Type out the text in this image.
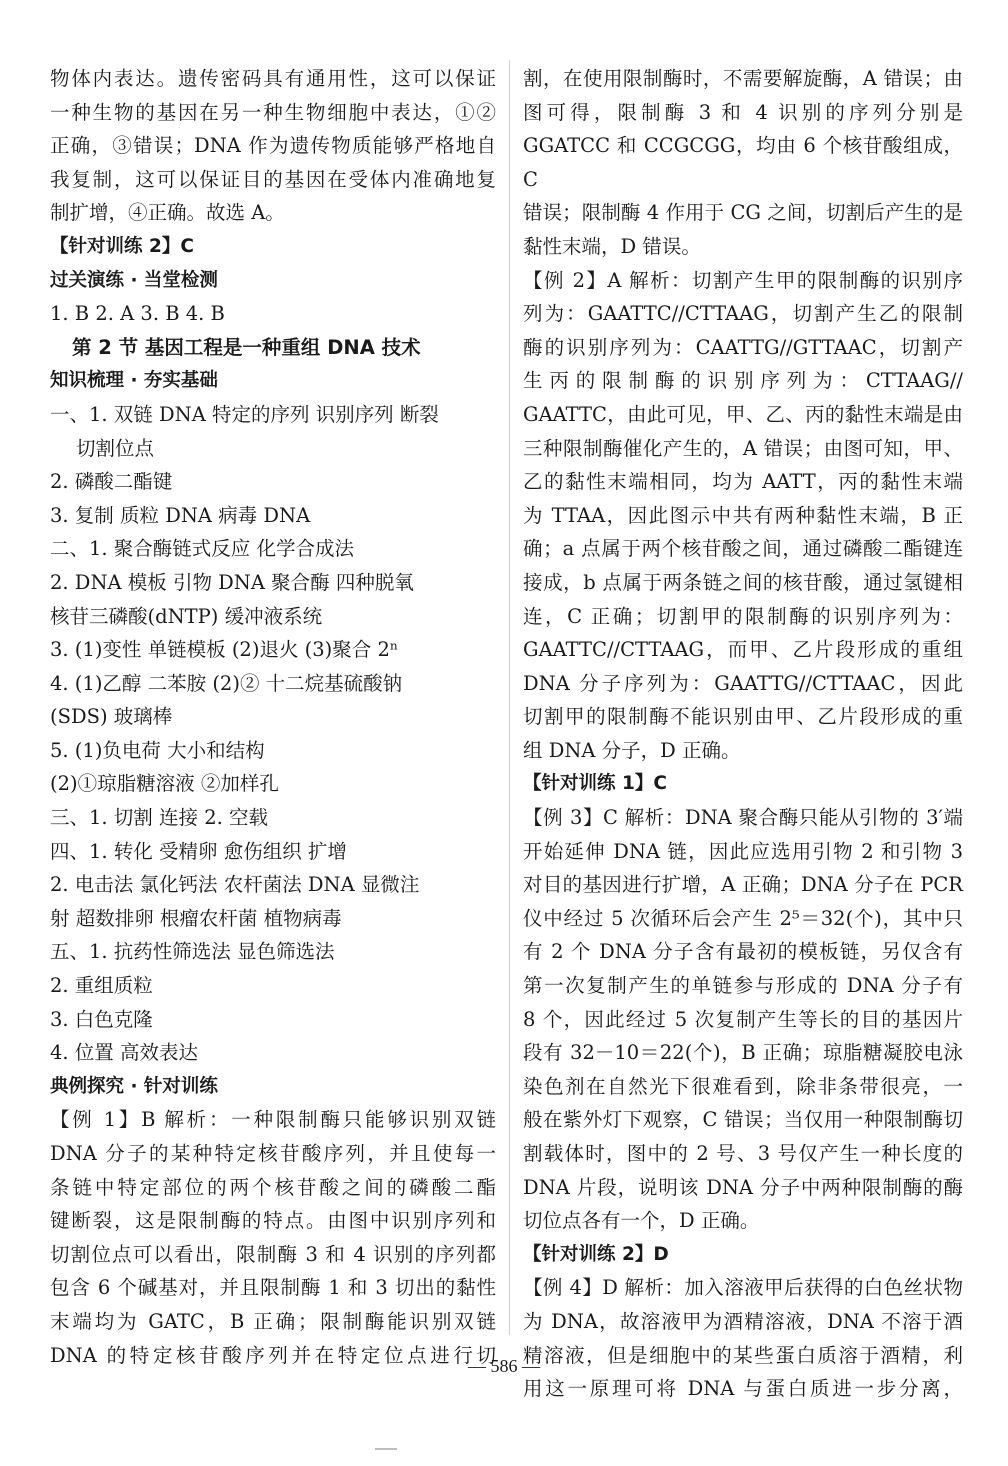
物体内表达。遗传密码具有通用性，这可以保证
一种生物的基因在另一种生物细胞中表达，①②
正确，③错误；DNA 作为遗传物质能够严格地自
我复制，这可以保证目的基因在受体内准确地复
制扩增，④正确。故选 A。
【针对训练 2】C
过关演练 · 当堂检测
1. B 2. A 3. B 4. B
第 2 节 基因工程是一种重组 DNA 技术
知识梳理 · 夯实基础
一、1. 双链 DNA 特定的序列 识别序列 断裂
切割位点
2. 磷酸二酯键
3. 复制 质粒 DNA 病毒 DNA
二、1. 聚合酶链式反应 化学合成法
2. DNA 模板 引物 DNA 聚合酶 四种脱氧
核苷三磷酸(dNTP) 缓冲液系统
3. (1)变性 单链模板 (2)退火 (3)聚合 2ⁿ
4. (1)乙醇 二苯胺 (2)② 十二烷基硫酸钠
(SDS) 玻璃棒
5. (1)负电荷 大小和结构
(2)①琼脂糖溶液 ②加样孔
三、1. 切割 连接 2. 空载
四、1. 转化 受精卵 愈伤组织 扩增
2. 电击法 氯化钙法 农杆菌法 DNA 显微注
射 超数排卵 根瘤农杆菌 植物病毒
五、1. 抗药性筛选法 显色筛选法
2. 重组质粒
3. 白色克隆
4. 位置 高效表达
典例探究 · 针对训练
【例 1】B 解析：一种限制酶只能够识别双链
DNA 分子的某种特定核苷酸序列，并且使每一
条链中特定部位的两个核苷酸之间的磷酸二酯
键断裂，这是限制酶的特点。由图中识别序列和
切割位点可以看出，限制酶 3 和 4 识别的序列都
包含 6 个碱基对，并且限制酶 1 和 3 切出的黏性
末端均为 GATC，B 正确；限制酶能识别双链
DNA 的特定核苷酸序列并在特定位点进行切
割，在使用限制酶时，不需要解旋酶，A 错误；由
图可得，限制酶 3 和 4 识别的序列分别是
GGATCC 和 CCGCGG，均由 6 个核苷酸组成，C
错误；限制酶 4 作用于 CG 之间，切割后产生的是
黏性末端，D 错误。
【例 2】A 解析：切割产生甲的限制酶的识别序
列为：GAATTC//CTTAAG，切割产生乙的限制
酶的识别序列为：CAATTG//GTTAAC，切割产
生丙的限制酶的识别序列为：CTTAAG//
GAATTC，由此可见，甲、乙、丙的黏性末端是由
三种限制酶催化产生的，A 错误；由图可知，甲、
乙的黏性末端相同，均为 AATT，丙的黏性末端
为 TTAA，因此图示中共有两种黏性末端，B 正
确；a 点属于两个核苷酸之间，通过磷酸二酯键连
接成，b 点属于两条链之间的核苷酸，通过氢键相
连，C 正确；切割甲的限制酶的识别序列为：
GAATTC//CTTAAG，而甲、乙片段形成的重组
DNA 分子序列为：GAATTG//CTTAAC，因此
切割甲的限制酶不能识别由甲、乙片段形成的重
组 DNA 分子，D 正确。
【针对训练 1】C
【例 3】C 解析：DNA 聚合酶只能从引物的 3′端
开始延伸 DNA 链，因此应选用引物 2 和引物 3
对目的基因进行扩增，A 正确；DNA 分子在 PCR
仪中经过 5 次循环后会产生 2⁵＝32(个)，其中只
有 2 个 DNA 分子含有最初的模板链，另仅含有
第一次复制产生的单链参与形成的 DNA 分子有
8 个，因此经过 5 次复制产生等长的目的基因片
段有 32－10＝22(个)，B 正确；琼脂糖凝胶电泳
染色剂在自然光下很难看到，除非条带很亮，一
般在紫外灯下观察，C 错误；当仅用一种限制酶切
割载体时，图中的 2 号、3 号仅产生一种长度的
DNA 片段，说明该 DNA 分子中两种限制酶的酶
切位点各有一个，D 正确。
【针对训练 2】D
【例 4】D 解析：加入溶液甲后获得的白色丝状物
为 DNA，故溶液甲为酒精溶液，DNA 不溶于酒
精溶液，但是细胞中的某些蛋白质溶于酒精，利
用这一原理可将 DNA 与蛋白质进一步分离，
— 586 —
